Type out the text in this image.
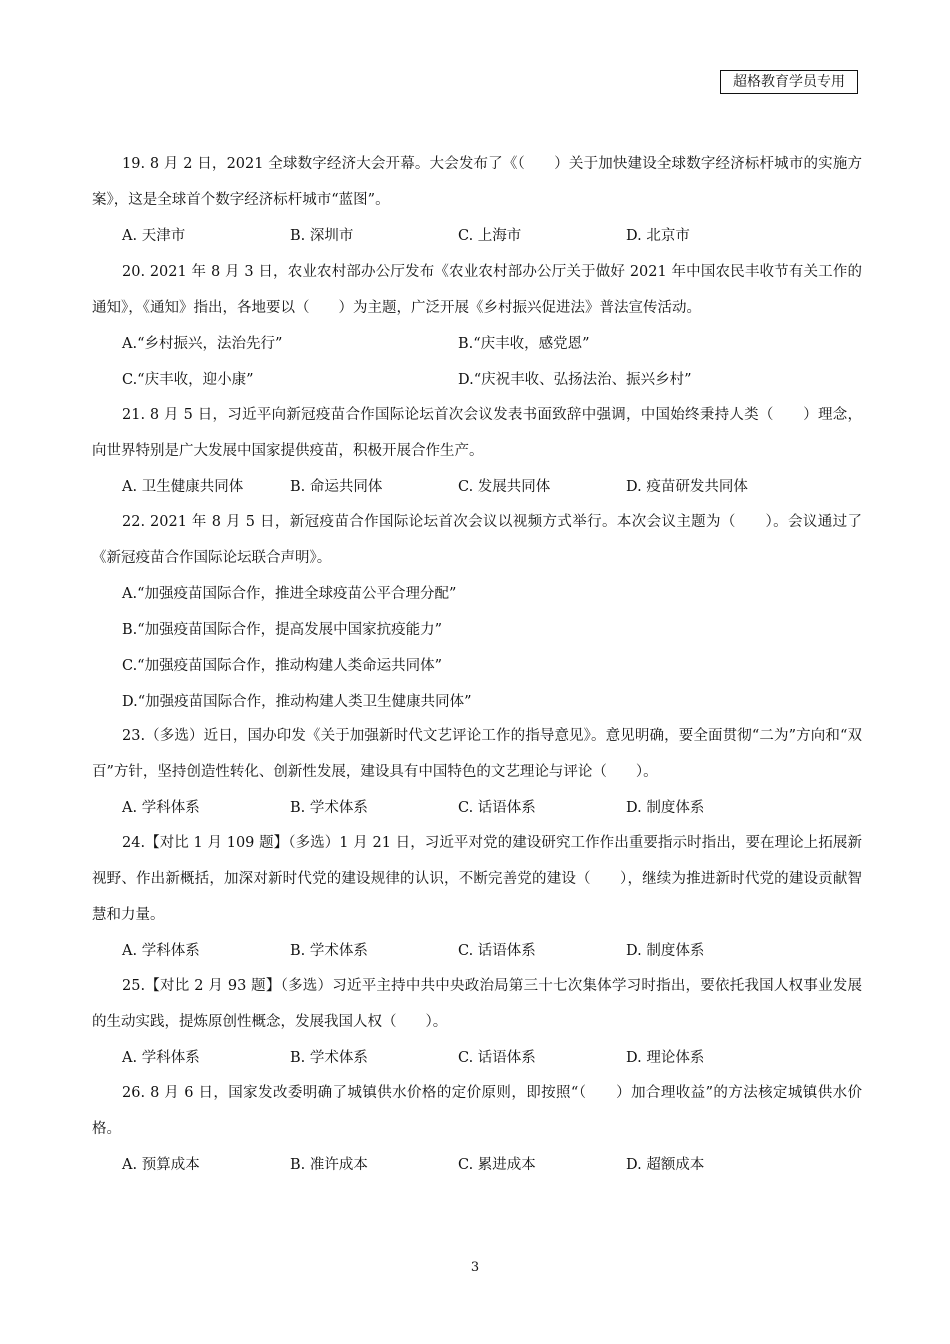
超格教育学员专用

19. 8 月 2 日，2021 全球数字经济大会开幕。大会发布了《（　　）关于加快建设全球数字经济标杆城市的实施方案》，这是全球首个数字经济标杆城市“蓝图”。

A. 天津市	B. 深圳市	C. 上海市	D. 北京市

20. 2021 年 8 月 3 日，农业农村部办公厅发布《农业农村部办公厅关于做好 2021 年中国农民丰收节有关工作的通知》，《通知》指出，各地要以（　　）为主题，广泛开展《乡村振兴促进法》普法宣传活动。

A.“乡村振兴，法治先行”	B.“庆丰收，感党恩”
C.“庆丰收，迎小康”	D.“庆祝丰收、弘扬法治、振兴乡村”

21. 8 月 5 日，习近平向新冠疫苗合作国际论坛首次会议发表书面致辞中强调，中国始终秉持人类（　　）理念，向世界特别是广大发展中国家提供疫苗，积极开展合作生产。

A. 卫生健康共同体	B. 命运共同体	C. 发展共同体	D. 疫苗研发共同体

22. 2021 年 8 月 5 日，新冠疫苗合作国际论坛首次会议以视频方式举行。本次会议主题为（　　）。会议通过了《新冠疫苗合作国际论坛联合声明》。

A.“加强疫苗国际合作，推进全球疫苗公平合理分配”

B.“加强疫苗国际合作，提高发展中国家抗疫能力”

C.“加强疫苗国际合作，推动构建人类命运共同体”

D.“加强疫苗国际合作，推动构建人类卫生健康共同体”

23.（多选）近日，国办印发《关于加强新时代文艺评论工作的指导意见》。意见明确，要全面贯彻“二为”方向和“双百”方针，坚持创造性转化、创新性发展，建设具有中国特色的文艺理论与评论（　　）。

A. 学科体系	B. 学术体系	C. 话语体系	D. 制度体系

24.【对比 1 月 109 题】（多选）1 月 21 日，习近平对党的建设研究工作作出重要指示时指出，要在理论上拓展新视野、作出新概括，加深对新时代党的建设规律的认识，不断完善党的建设（　　），继续为推进新时代党的建设贡献智慧和力量。

A. 学科体系	B. 学术体系	C. 话语体系	D. 制度体系

25.【对比 2 月 93 题】（多选）习近平主持中共中央政治局第三十七次集体学习时指出，要依托我国人权事业发展的生动实践，提炼原创性概念，发展我国人权（　　）。

A. 学科体系	B. 学术体系	C. 话语体系	D. 理论体系

26. 8 月 6 日，国家发改委明确了城镇供水价格的定价原则，即按照“（　　）加合理收益”的方法核定城镇供水价格。

A. 预算成本	B. 准许成本	C. 累进成本	D. 超额成本
3
